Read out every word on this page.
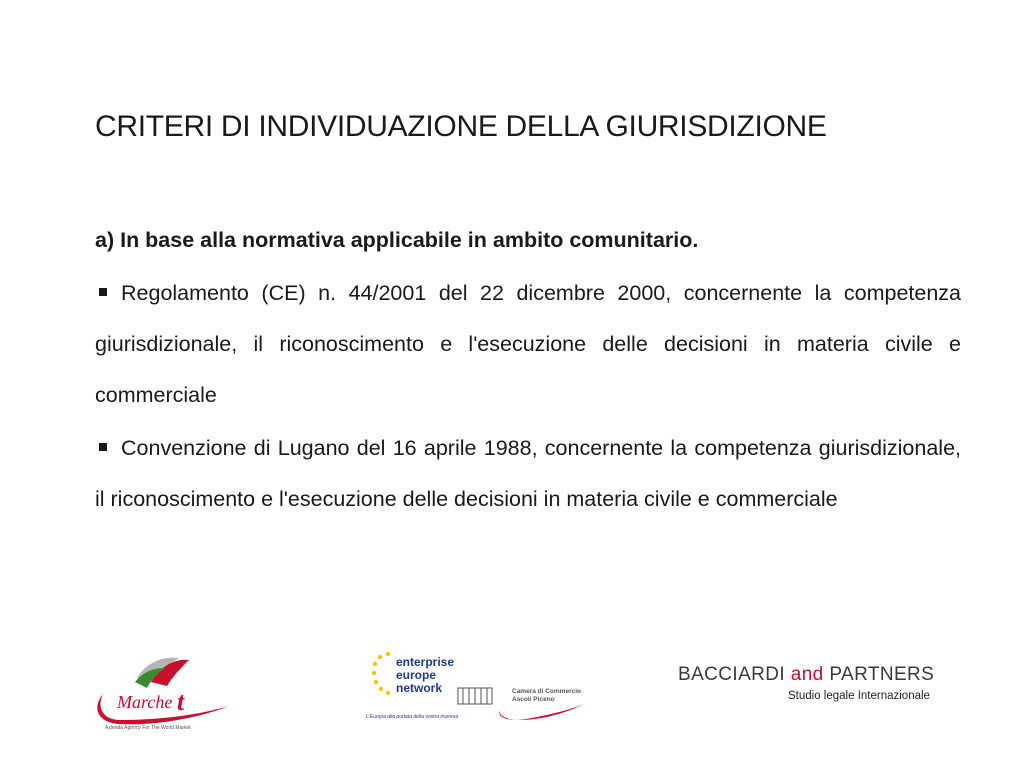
CRITERI DI INDIVIDUAZIONE DELLA GIURISDIZIONE

a) In base alla normativa applicabile in ambito comunitario.

Regolamento (CE) n. 44/2001 del 22 dicembre 2000, concernente la competenza giurisdizionale, il riconoscimento e l'esecuzione delle decisioni in materia civile e commerciale

Convenzione di Lugano del 16 aprile 1988, concernente la competenza giurisdizionale, il riconoscimento e l'esecuzione delle decisioni in materia civile e commerciale

Marche t
Azienda Agency For The World Market
enterprise
europe
network
L'Europa alla portata della vostra impresa
Camera di Commercio
Ascoli Piceno
BACCIARDI and PARTNERS
Studio legale Internazionale
